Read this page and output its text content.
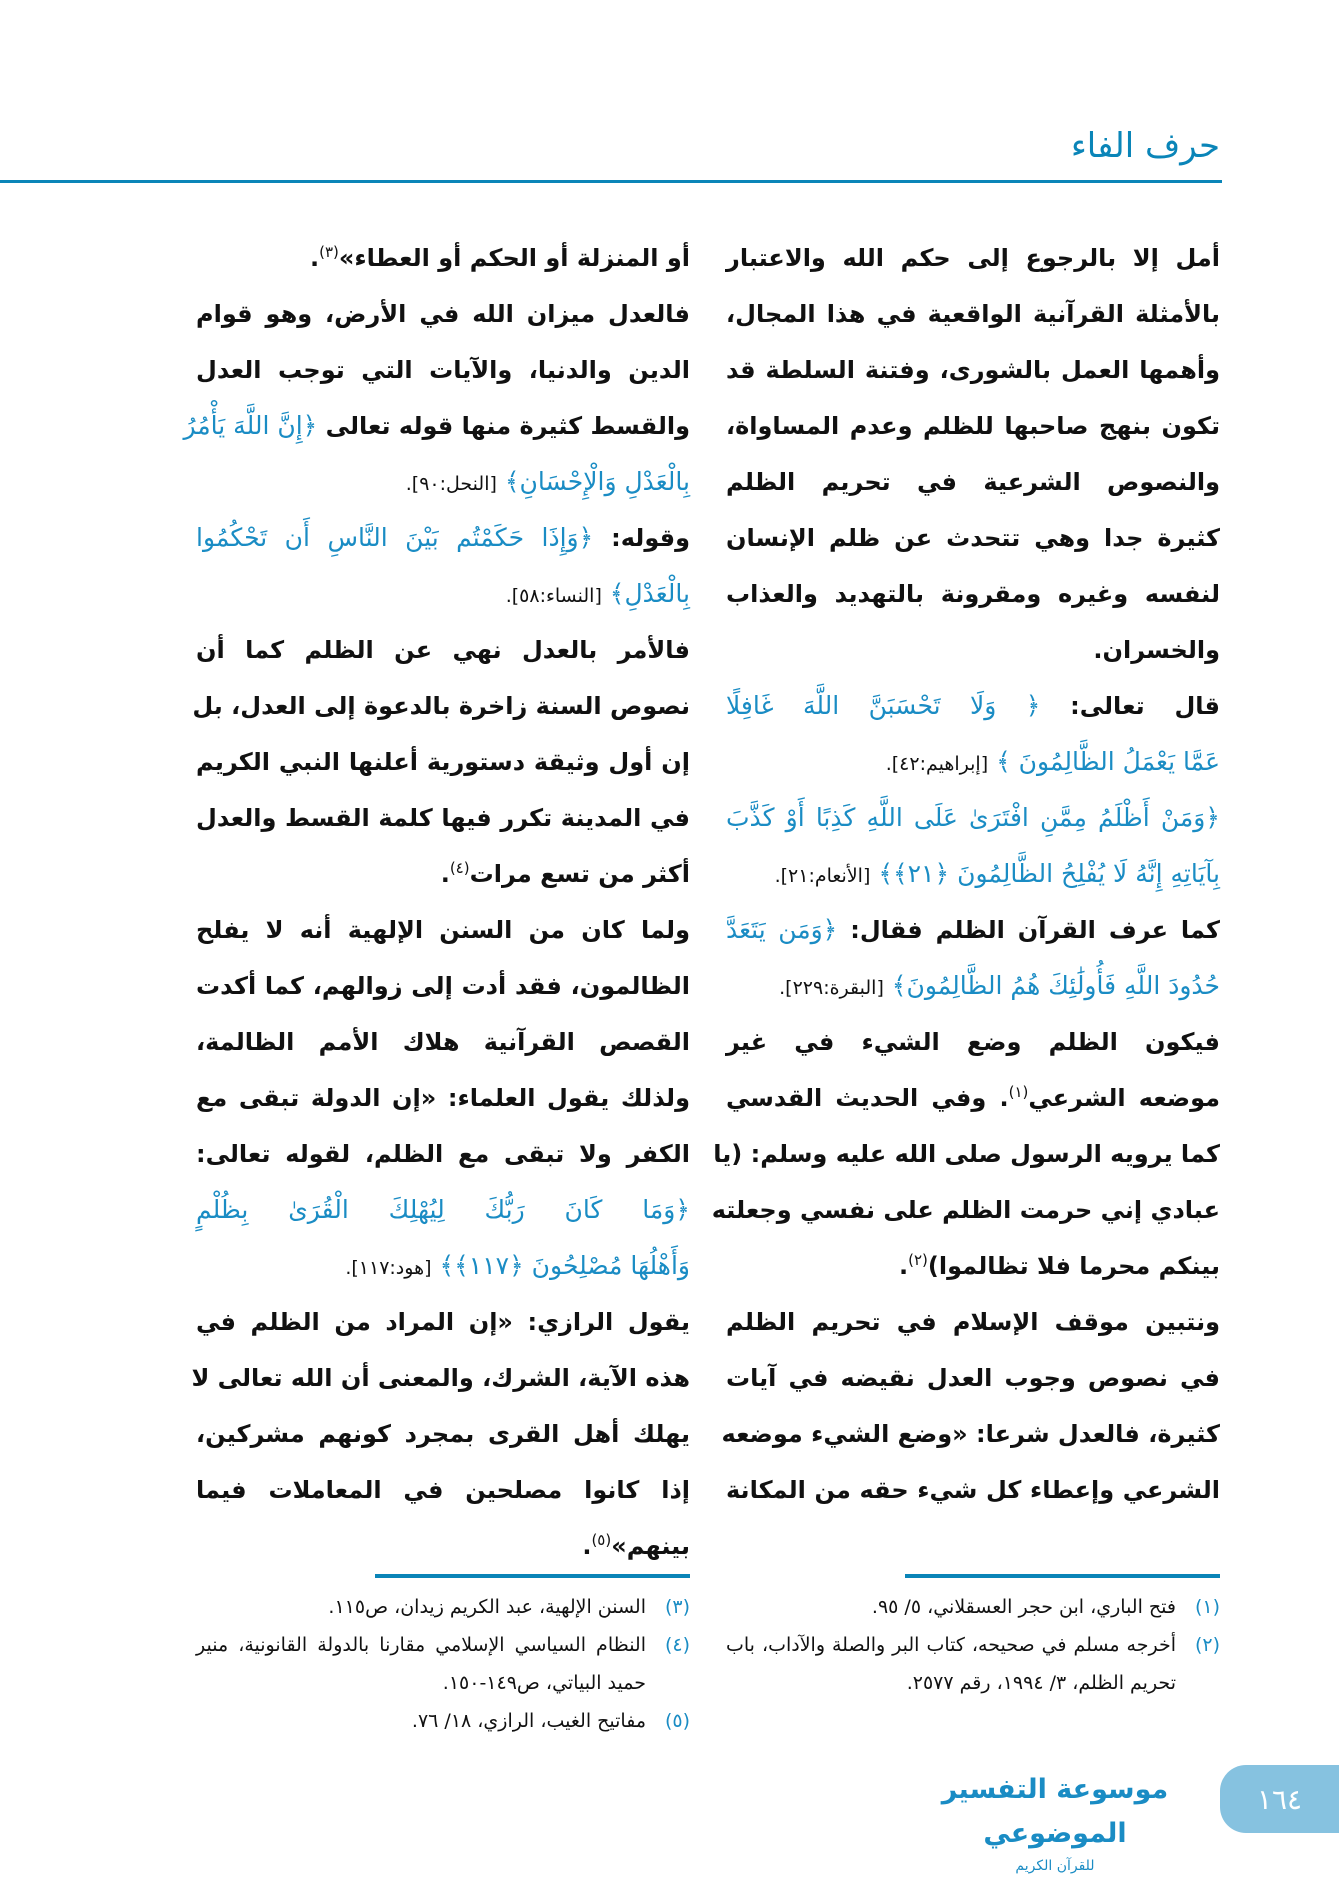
حرف الفاء
أمل إلا بالرجوع إلى حكم الله والاعتبار
بالأمثلة القرآنية الواقعية في هذا المجال،
وأهمها العمل بالشورى، وفتنة السلطة قد
تكون بنهج صاحبها للظلم وعدم المساواة،
والنصوص الشرعية في تحريم الظلم
كثيرة جدا وهي تتحدث عن ظلم الإنسان
لنفسه وغيره ومقرونة بالتهديد والعذاب
والخسران.
قال تعالى: ﴿ وَلَا تَحْسَبَنَّ اللَّهَ غَافِلًا
عَمَّا يَعْمَلُ الظَّالِمُونَ ﴾ [إبراهيم:٤٢].
﴿وَمَنْ أَظْلَمُ مِمَّنِ افْتَرَىٰ عَلَى اللَّهِ كَذِبًا أَوْ كَذَّبَ
بِآيَاتِهِ إِنَّهُ لَا يُفْلِحُ الظَّالِمُونَ ﴿٢١﴾﴾ [الأنعام:٢١].
كما عرف القرآن الظلم فقال: ﴿وَمَن يَتَعَدَّ
حُدُودَ اللَّهِ فَأُولَٰئِكَ هُمُ الظَّالِمُونَ﴾ [البقرة:٢٢٩].
فيكون الظلم وضع الشيء في غير
موضعه الشرعي$^{(١)}$. وفي الحديث القدسي
كما يرويه الرسول صلى الله عليه وسلم: (يا
عبادي إني حرمت الظلم على نفسي وجعلته
بينكم محرما فلا تظالموا)$^{(٢)}$.
ونتبين موقف الإسلام في تحريم الظلم
في نصوص وجوب العدل نقيضه في آيات
كثيرة، فالعدل شرعا: «وضع الشيء موضعه
الشرعي وإعطاء كل شيء حقه من المكانة
أو المنزلة أو الحكم أو العطاء»$^{(٣)}$.
فالعدل ميزان الله في الأرض، وهو قوام
الدين والدنيا، والآيات التي توجب العدل
والقسط كثيرة منها قوله تعالى ﴿إِنَّ اللَّهَ يَأْمُرُ
بِالْعَدْلِ وَالْإِحْسَانِ﴾ [النحل:٩٠].
وقوله: ﴿وَإِذَا حَكَمْتُم بَيْنَ النَّاسِ أَن تَحْكُمُوا
بِالْعَدْلِ﴾ [النساء:٥٨].
فالأمر بالعدل نهي عن الظلم كما أن
نصوص السنة زاخرة بالدعوة إلى العدل، بل
إن أول وثيقة دستورية أعلنها النبي الكريم
في المدينة تكرر فيها كلمة القسط والعدل
أكثر من تسع مرات$^{(٤)}$.
ولما كان من السنن الإلهية أنه لا يفلح
الظالمون، فقد أدت إلى زوالهم، كما أكدت
القصص القرآنية هلاك الأمم الظالمة،
ولذلك يقول العلماء: «إن الدولة تبقى مع
الكفر ولا تبقى مع الظلم، لقوله تعالى:
﴿وَمَا كَانَ رَبُّكَ لِيُهْلِكَ الْقُرَىٰ بِظُلْمٍ
وَأَهْلُهَا مُصْلِحُونَ ﴿١١٧﴾﴾ [هود:١١٧].
يقول الرازي: «إن المراد من الظلم في
هذه الآية، الشرك، والمعنى أن الله تعالى لا
يهلك أهل القرى بمجرد كونهم مشركين،
إذا كانوا مصلحين في المعاملات فيما
بينهم»$^{(٥)}$.
(١)
فتح الباري، ابن حجر العسقلاني، ٥/ ٩٥.
(٢)
أخرجه مسلم في صحيحه، كتاب البر والصلة والآداب، باب تحريم الظلم، ٣/ ١٩٩٤، رقم ٢٥٧٧.
(٣)
السنن الإلهية، عبد الكريم زيدان، ص١١٥.
(٤)
النظام السياسي الإسلامي مقارنا بالدولة القانونية، منير حميد البياتي، ص١٤٩-١٥٠.
(٥)
مفاتيح الغيب، الرازي، ١٨/ ٧٦.
موسوعة التفسير الموضوعي
للقرآن الكريم
١٦٤
